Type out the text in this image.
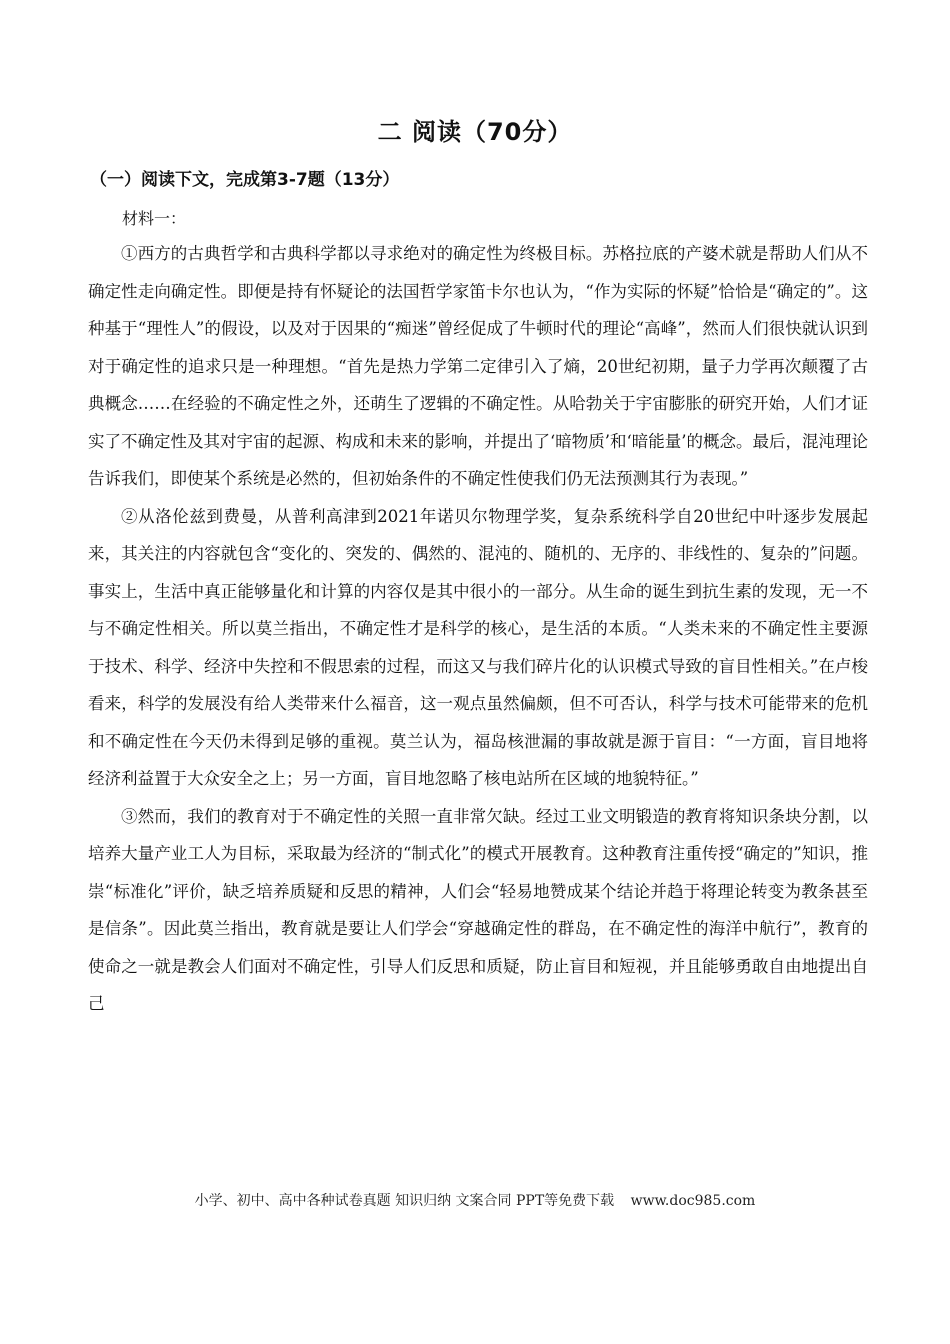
二 阅读（70分）
（一）阅读下文，完成第3-7题（13分）
材料一：

①西方的古典哲学和古典科学都以寻求绝对的确定性为终极目标。苏格拉底的产婆术就是帮助人们从不确定性走向确定性。即便是持有怀疑论的法国哲学家笛卡尔也认为，“作为实际的怀疑”恰恰是“确定的”。这种基于“理性人”的假设，以及对于因果的“痴迷”曾经促成了牛顿时代的理论“高峰”，然而人们很快就认识到对于确定性的追求只是一种理想。“首先是热力学第二定律引入了熵，20世纪初期，量子力学再次颠覆了古典概念……在经验的不确定性之外，还萌生了逻辑的不确定性。从哈勃关于宇宙膨胀的研究开始，人们才证实了不确定性及其对宇宙的起源、构成和未来的影响，并提出了‘暗物质’和‘暗能量’的概念。最后，混沌理论告诉我们，即使某个系统是必然的，但初始条件的不确定性使我们仍无法预测其行为表现。”

②从洛伦兹到费曼，从普利高津到2021年诺贝尔物理学奖，复杂系统科学自20世纪中叶逐步发展起来，其关注的内容就包含“变化的、突发的、偶然的、混沌的、随机的、无序的、非线性的、复杂的”问题。事实上，生活中真正能够量化和计算的内容仅是其中很小的一部分。从生命的诞生到抗生素的发现，无一不与不确定性相关。所以莫兰指出，不确定性才是科学的核心，是生活的本质。“人类未来的不确定性主要源于技术、科学、经济中失控和不假思索的过程，而这又与我们碎片化的认识模式导致的盲目性相关。”在卢梭看来，科学的发展没有给人类带来什么福音，这一观点虽然偏颇，但不可否认，科学与技术可能带来的危机和不确定性在今天仍未得到足够的重视。莫兰认为，福岛核泄漏的事故就是源于盲目：“一方面，盲目地将经济利益置于大众安全之上；另一方面，盲目地忽略了核电站所在区域的地貌特征。”

③然而，我们的教育对于不确定性的关照一直非常欠缺。经过工业文明锻造的教育将知识条块分割，以培养大量产业工人为目标，采取最为经济的“制式化”的模式开展教育。这种教育注重传授“确定的”知识，推崇“标准化”评价，缺乏培养质疑和反思的精神，人们会“轻易地赞成某个结论并趋于将理论转变为教条甚至是信条”。因此莫兰指出，教育就是要让人们学会“穿越确定性的群岛，在不确定性的海洋中航行”，教育的使命之一就是教会人们面对不确定性，引导人们反思和质疑，防止盲目和短视，并且能够勇敢自由地提出自己

小学、初中、高中各种试卷真题 知识归纳 文案合同 PPT等免费下载 www.doc985.com
